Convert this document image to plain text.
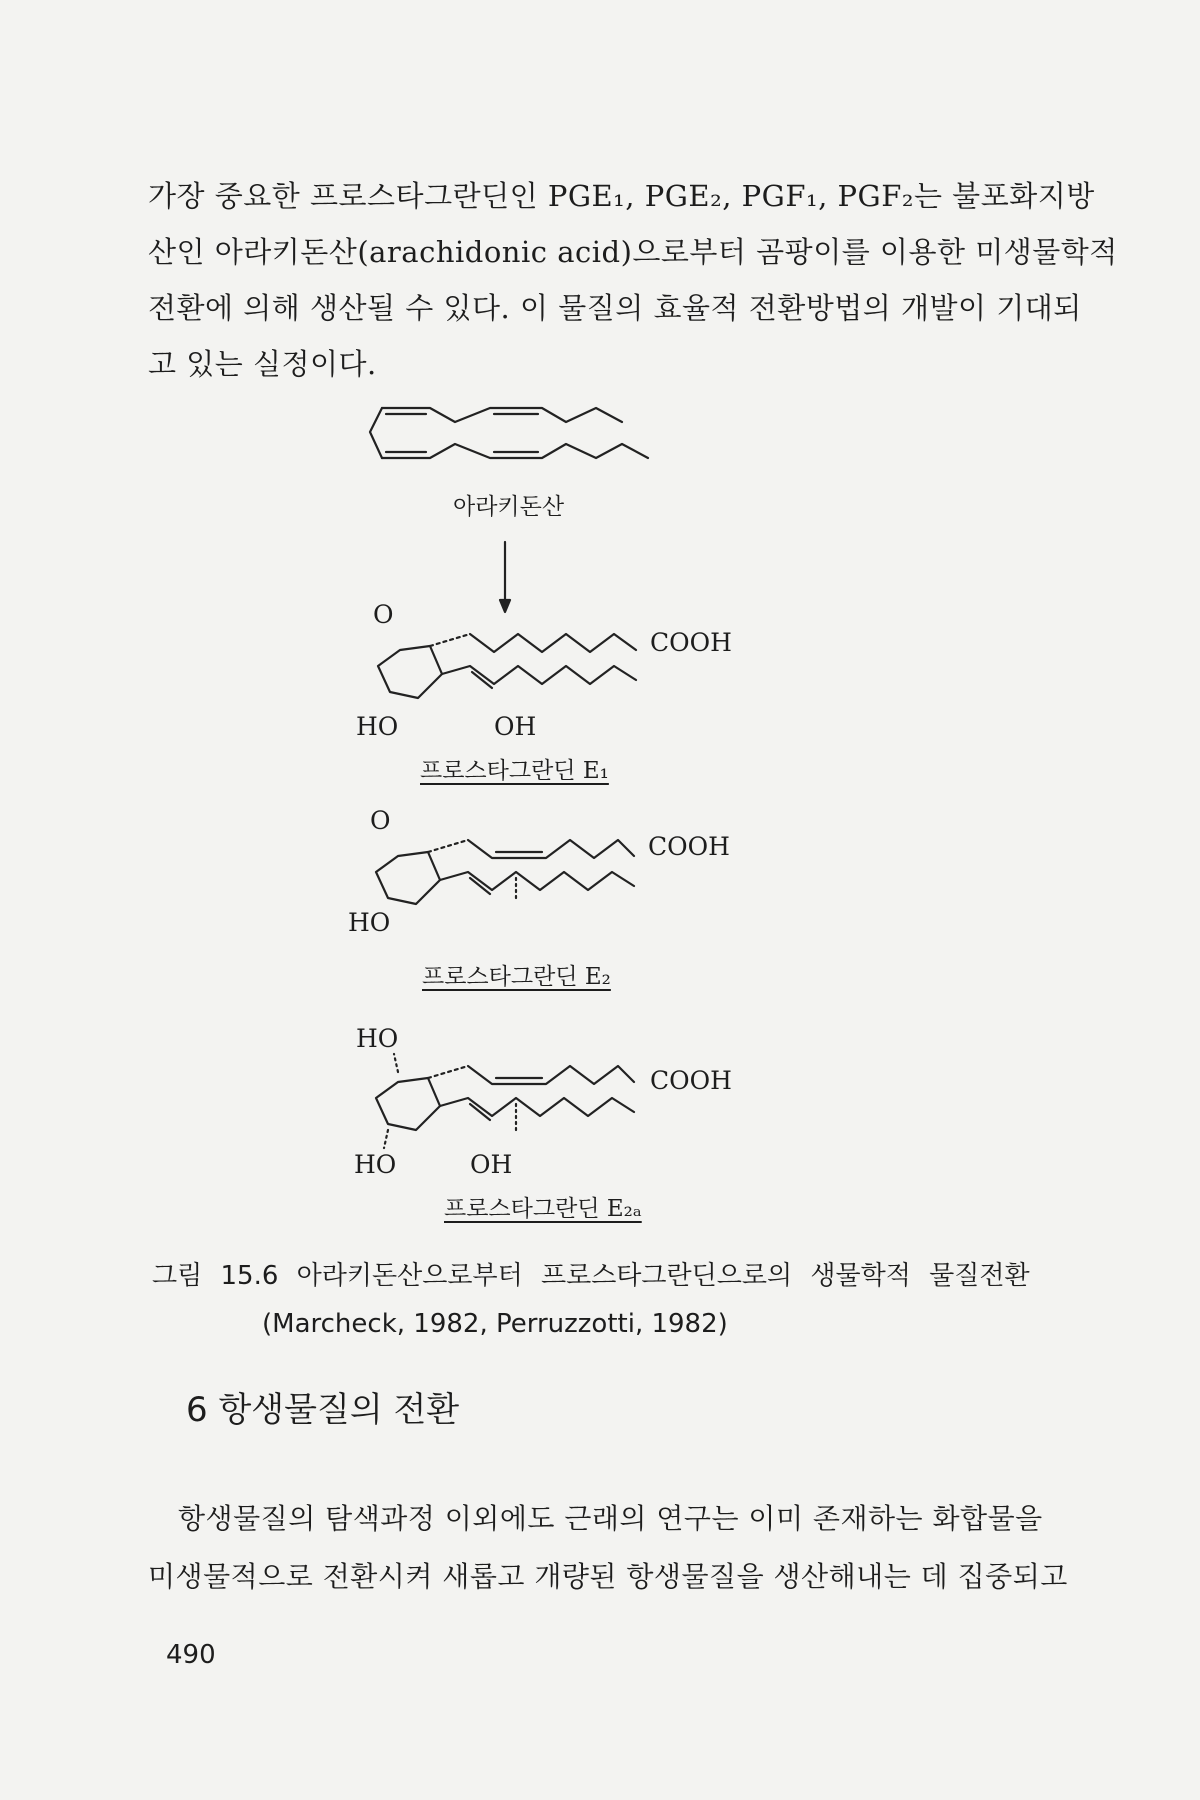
가장 중요한 프로스타그란딘인 PGE₁, PGE₂, PGF₁, PGF₂는 불포화지방
산인 아라키돈산(arachidonic acid)으로부터 곰팡이를 이용한 미생물학적
전환에 의해 생산될 수 있다. 이 물질의 효율적 전환방법의 개발이 기대되
고 있는 실정이다.
아라키돈산
O
COOH
HO	OH
프로스타그란딘 E₁
O
COOH
HO
프로스타그란딘 E₂
HO
COOH
HO	OH
프로스타그란딘 E₂ₐ
그림 15.6 아라키돈산으로부터 프로스타그란딘으로의 생물학적 물질전환
(Marcheck, 1982, Perruzzotti, 1982)
6 항생물질의 전환
항생물질의 탐색과정 이외에도 근래의 연구는 이미 존재하는 화합물을
미생물적으로 전환시켜 새롭고 개량된 항생물질을 생산해내는 데 집중되고
490
